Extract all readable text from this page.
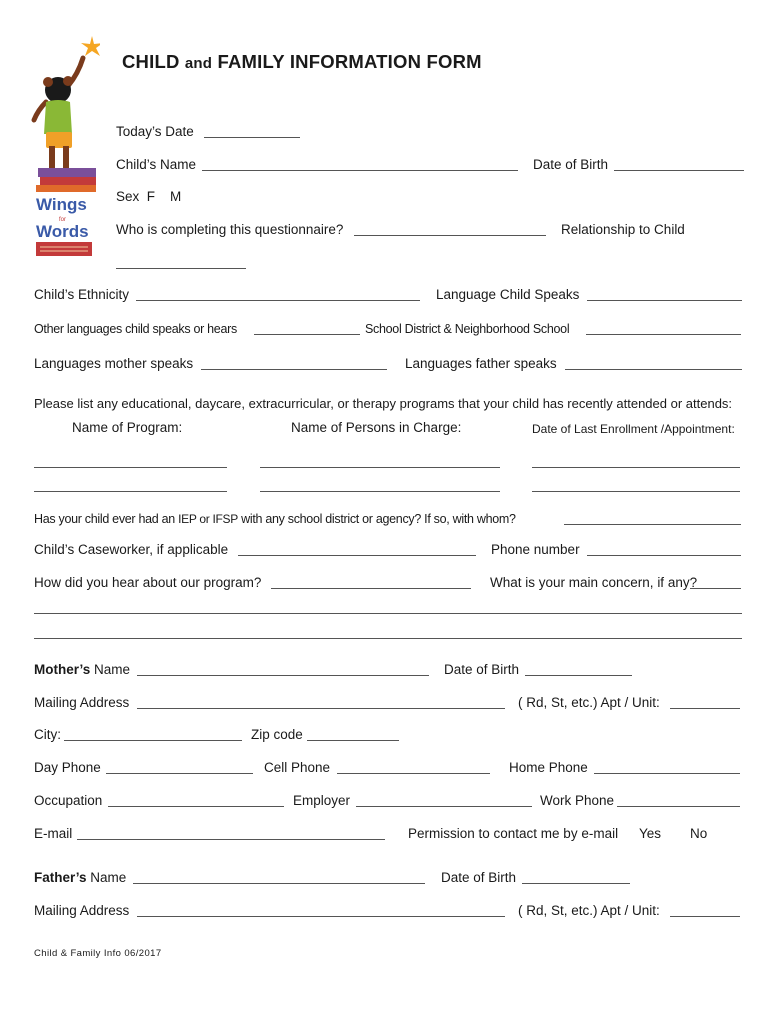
Wings
for
Words
CHILD and FAMILY INFORMATION FORM
Today’s Date
Child’s Name	Date of Birth
Sex  F    M
Who is completing this questionnaire?	Relationship to Child
Child’s Ethnicity	Language Child Speaks
Other languages child speaks or hears	School District & Neighborhood School
Languages mother speaks	Languages father speaks
Please list any educational, daycare, extracurricular, or therapy programs that your child has recently attended or attends:
Name of Program:	Name of Persons in Charge:	Date of Last Enrollment /Appointment:
Has your child ever had an IEP or IFSP with any school district or agency? If so, with whom?
Child’s Caseworker, if applicable	Phone number
How did you hear about our program?	What is your main concern, if any?
Mother’s Name	Date of Birth
Mailing Address	( Rd, St, etc.) Apt / Unit:
City:	Zip code
Day Phone	Cell Phone	Home Phone
Occupation	Employer	Work Phone
E-mail	Permission to contact me by e-mail Yes No
Father’s Name	Date of Birth
Mailing Address	( Rd, St, etc.) Apt / Unit:
Child & Family Info 06/2017
